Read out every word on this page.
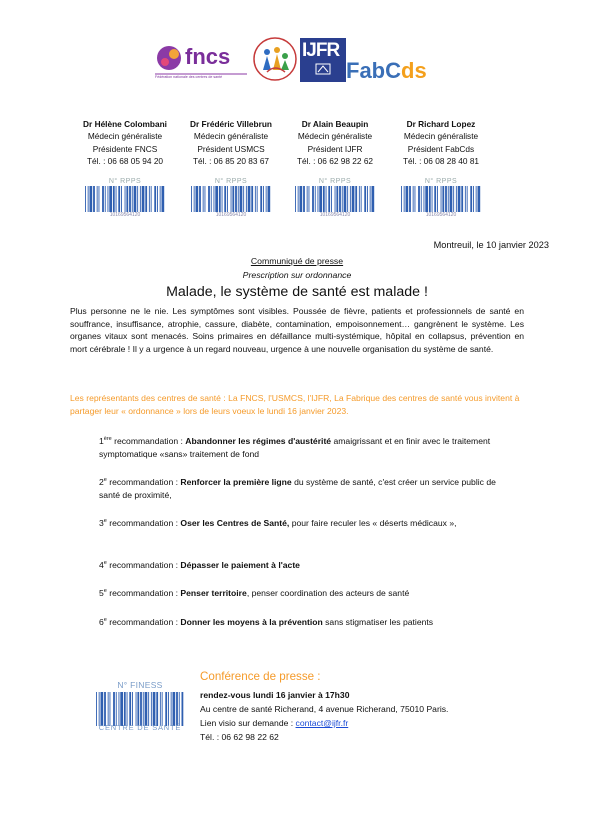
fncs
Fédération nationale des centres de santé
IJFR
FabCds
Dr Hélène Colombani
Médecin généraliste
Présidente FNCS
Tél. : 06 68 05 94 20
Dr Frédéric Villebrun
Médecin généraliste
Président USMCS
Tél. : 06 85 20 83 67
Dr Alain Beaupin
Médecin généraliste
Président IJFR
Tél. : 06 62 98 22 62
Dr Richard Lopez
Médecin généraliste
Président FabCds
Tél. : 06 08 28 40 81
N° RPPS
10169564120
N° RPPS
10169564120
N° RPPS
10169564120
N° RPPS
10169564120
Montreuil, le 10 janvier 2023
Communiqué de presse
Prescription sur ordonnance
Malade, le système de santé est malade !
Plus personne ne le nie. Les symptômes sont visibles. Poussée de fièvre, patients et professionnels de santé en souffrance, insuffisance, atrophie, cassure, diabète, contamination, empoisonnement… gangrènent le système. Les organes vitaux sont menacés. Soins primaires en défaillance multi-systémique, hôpital en collapsus, prévention en mort cérébrale ! Il y a urgence à un regard nouveau, urgence à une nouvelle organisation du système de santé.
Les représentants des centres de santé : La FNCS, l'USMCS, l'IJFR, La Fabrique des centres de santé vous invitent à partager leur « ordonnance » lors de leurs voeux le lundi 16 janvier 2023.
1ère recommandation : Abandonner les régimes d'austérité amaigrissant et en finir avec le traitement symptomatique «sans» traitement de fond
2e recommandation : Renforcer la première ligne du système de santé, c'est créer un service public de santé de proximité,
3e recommandation : Oser les Centres de Santé, pour faire reculer les « déserts médicaux »,
4e recommandation : Dépasser le paiement à l'acte
5e recommandation : Penser territoire, penser coordination des acteurs de santé
6e recommandation : Donner les moyens à la prévention sans stigmatiser les patients
N° FINESS
CENTRE DE SANTÉ
Conférence de presse :
rendez-vous lundi 16 janvier à 17h30
Au centre de santé Richerand, 4 avenue Richerand, 75010 Paris.
Lien visio sur demande : contact@ijfr.fr
Tél. : 06 62 98 22 62
